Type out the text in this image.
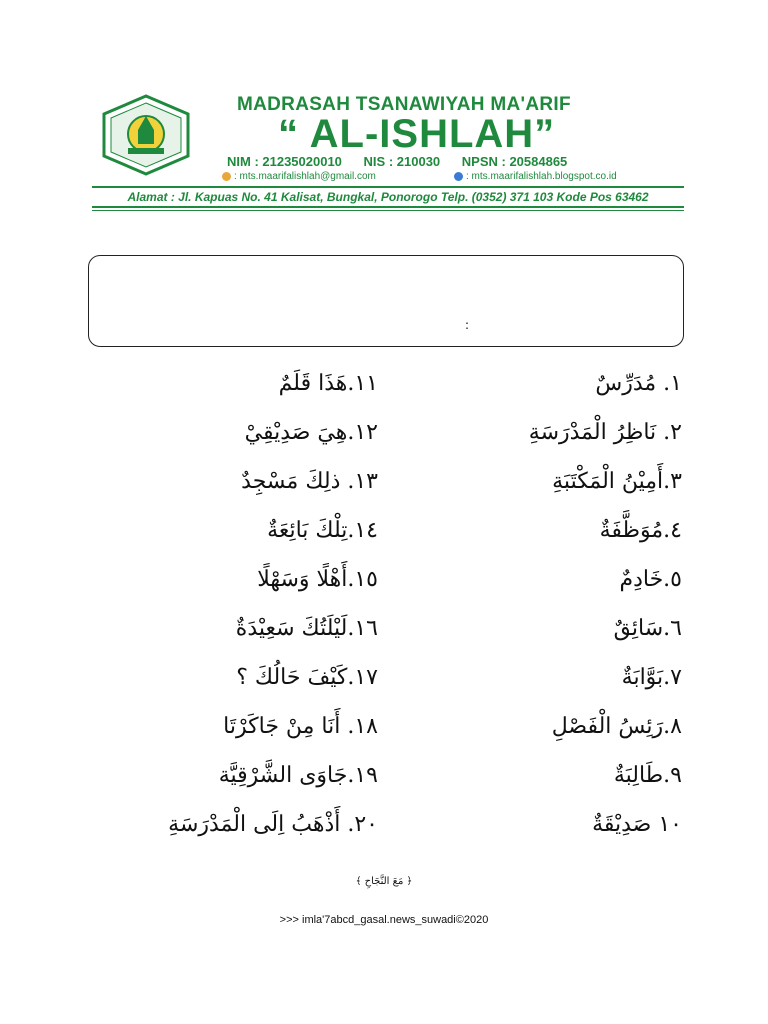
MADRASAH TSANAWIYAH MA'ARIF
“ AL-ISHLAH”
NIM : 21235020010 NIS : 210030 NPSN : 20584865
: mts.maarifalishlah@gmail.com	: mts.maarifalishlah.blogspot.co.id
Alamat : Jl. Kapuas No. 41 Kalisat, Bungkal, Ponorogo Telp. (0352) 371 103 Kode Pos 63462
:
١. مُدَرِّسٌ
٢. نَاظِرُ الْمَدْرَسَةِ
٣.أَمِيْنُ الْمَكْتَبَةِ
٤.مُوَظَّفَةٌ
٥.خَادِمٌ
٦.سَائِقٌ
٧.بَوَّابَةٌ
٨.رَئِسُ الْفَصْلِ
٩.طَالِبَةٌ
١٠ صَدِيْقَةٌ
١١.هَذَا قَلَمٌ
١٢.هِيَ صَدِيْقِيْ
١٣. ذلِكَ مَسْجِدٌ
١٤.تِلْكَ بَائِعَةٌ
١٥.أَهْلًا وَسَهْلًا
١٦.لَيْلَتُكَ سَعِيْدَةٌ
١٧.كَيْفَ حَالُكَ ؟
١٨. أَنَا مِنْ جَاكَرْتَا
١٩.جَاوَى الشَّرْقِيَّة
٢٠. أَذْهَبُ اِلَى الْمَدْرَسَةِ
﴿ مَعَ النَّجَاحِ ﴾
>>> imla'7abcd_gasal.news_suwadi©2020
